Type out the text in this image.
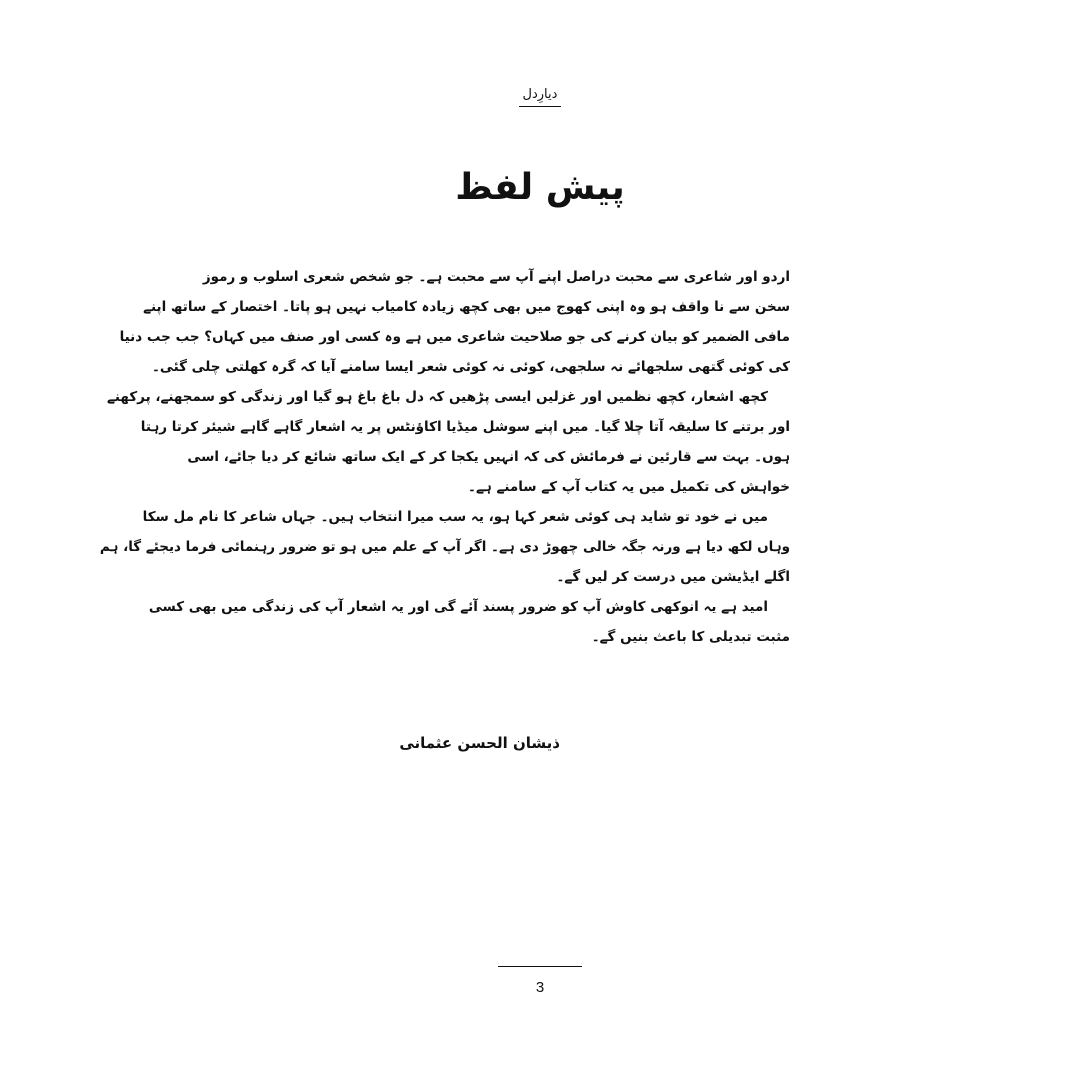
دیارِدل
پیش لفظ
اردو اور شاعری سے محبت دراصل اپنے آپ سے محبت ہے۔ جو شخص شعری اسلوب و رموز
سخن سے نا واقف ہو وہ اپنی کھوج میں بھی کچھ زیادہ کامیاب نہیں ہو پاتا۔ اختصار کے ساتھ اپنے
مافی الضمیر کو بیان کرنے کی جو صلاحیت شاعری میں ہے وہ کسی اور صنف میں کہاں؟ جب جب دنیا
کی کوئی گتھی سلجھائے نہ سلجھی، کوئی نہ کوئی شعر ایسا سامنے آیا کہ گرہ کھلتی چلی گئی۔
کچھ اشعار، کچھ نظمیں اور غزلیں ایسی پڑھیں کہ دل باغ باغ ہو گیا اور زندگی کو سمجھنے، پرکھنے
اور برتنے کا سلیقہ آتا چلا گیا۔ میں اپنے سوشل میڈیا اکاؤنٹس پر یہ اشعار گاہے گاہے شیئر کرتا رہتا
ہوں۔ بہت سے قارئین نے فرمائش کی کہ انہیں یکجا کر کے ایک ساتھ شائع کر دیا جائے، اسی
خواہش کی تکمیل میں یہ کتاب آپ کے سامنے ہے۔
میں نے خود تو شاید ہی کوئی شعر کہا ہو، یہ سب میرا انتخاب ہیں۔ جہاں شاعر کا نام مل سکا
وہاں لکھ دیا ہے ورنہ جگہ خالی چھوڑ دی ہے۔ اگر آپ کے علم میں ہو تو ضرور رہنمائی فرما دیجئے گا، ہم
اگلے ایڈیشن میں درست کر لیں گے۔
امید ہے یہ انوکھی کاوش آپ کو ضرور پسند آئے گی اور یہ اشعار آپ کی زندگی میں بھی کسی
مثبت تبدیلی کا باعث بنیں گے۔
ذیشان الحسن عثمانی
3
